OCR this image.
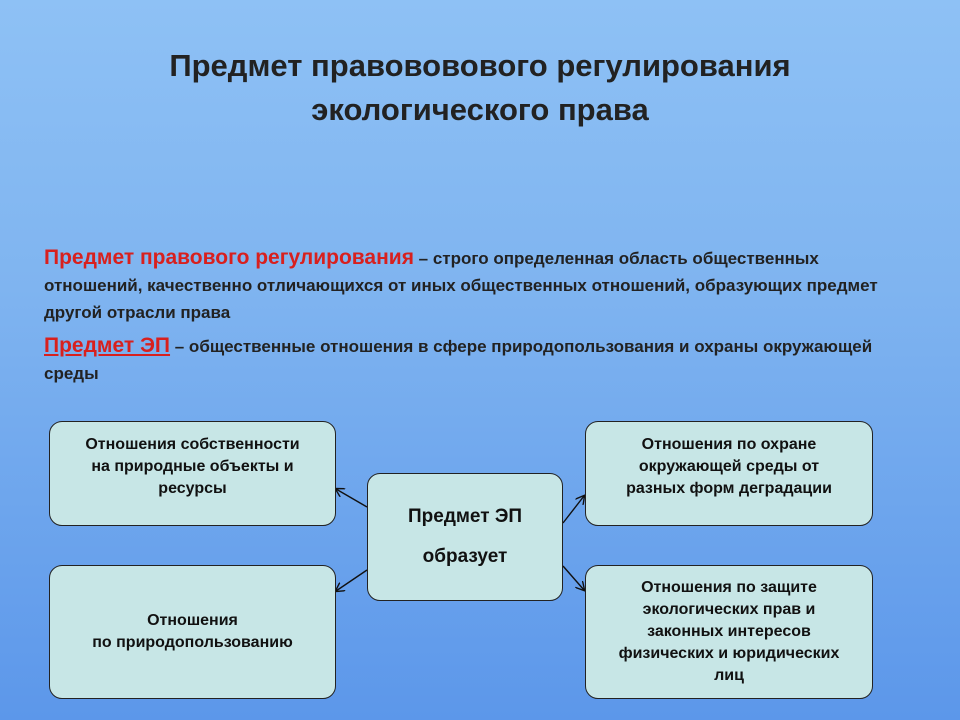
Предмет правововового регулирования
экологического права

Предмет правового регулирования – строго определенная область общественных отношений, качественно отличающихся от иных общественных отношений, образующих предмет другой отрасли права

Предмет ЭП – общественные отношения в сфере природопользования и охраны окружающей среды

Предмет ЭП
образует
Отношения собственности
на природные объекты и
ресурсы
Отношения
по природопользованию
Отношения по охране
окружающей среды от
разных форм деградации
Отношения по защите
экологических прав и
законных интересов
физических и юридических
лиц
